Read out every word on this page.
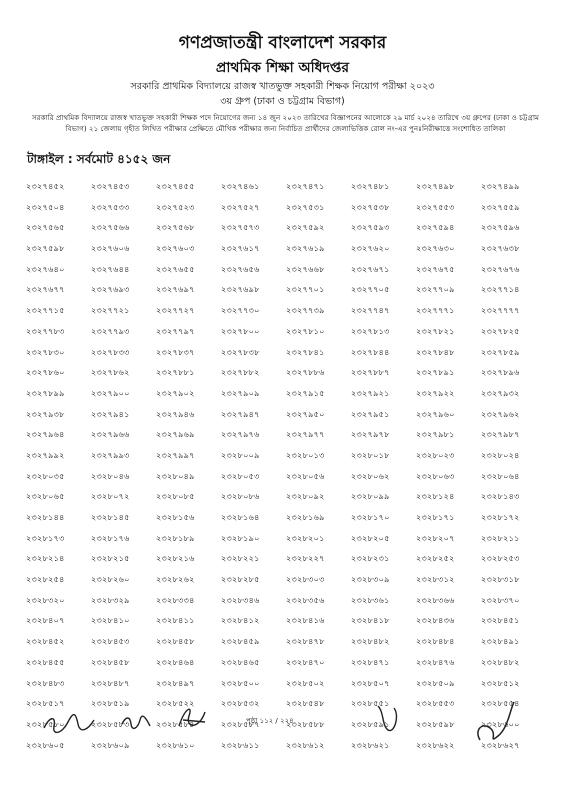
গণপ্রজাতন্ত্রী বাংলাদেশ সরকার
প্রাথমিক শিক্ষা অধিদপ্তর
সরকারি প্রাথমিক বিদ্যালয়ে রাজস্ব খাতভুক্ত সহকারী শিক্ষক নিয়োগ পরীক্ষা ২০২৩
৩য় গ্রুপ (ঢাকা ও চট্টগ্রাম বিভাগ)
সরকারি প্রাথমিক বিদ্যালয়ে রাজস্ব খাতভুক্ত সহকারী শিক্ষক পদে নিয়োগের জন্য ১৪ জুন ২০২৩ তারিখের বিজ্ঞাপনের আলোকে ২৯ মার্চ ২০২৪ তারিখে ৩য় গ্রুপের (ঢাকা ও চট্টগ্রাম বিভাগ) ২১ জেলায় গৃহীত লিখিত পরীক্ষার প্রেক্ষিতে মৌখিক পরীক্ষার জন্য নির্বাচিত প্রার্থীদের জেলাভিত্তিক রোল নং-এর পুনঃনিরীক্ষাত্তে সংশোধিত তালিকা
টাঙ্গাইল : সর্বমোট ৪১৫২ জন
২৩২৭৪৫২	২৩২৭৪৫৩	২৩২৭৪৫৫	২৩২৭৪৬১	২৩২৭৪৭১	২৩২৭৪৮১	২৩২৭৪৯৮	২৩২৭৪৯৯
২৩২৭৫০৪	২৩২৭৫৩৩	২৩২৭৫২৩	২৩২৭৫২৭	২৩২৭৫৩১	২৩২৭৫৩৮	২৩২৭৫৫৩	২৩২৭৫৫৯
২৩২৭৫৬৫	২৩২৭৫৬৬	২৩২৭৫৬৮	২৩২৭৫৭৩	২৩২৭৫৯২	২৩২৭৫৯৩	২৩২৭৫৯৪	২৩২৭৫৯৬
২৩২৭৫৯৮	২৩২৭৬০৬	২৩২৭৬০৩	২৩২৭৬১৭	২৩২৭৬১৯	২৩২৭৬২০	২৩২৭৬৩০	২৩২৭৬৩৮
২৩২৭৬৪০	২৩২৭৬৪৪	২৩২৭৬৫৫	২৩২৭৬৫৬	২৩২৭৬৬৮	২৩২৭৬৭১	২৩২৭৬৭৫	২৩২৭৬৭৬
২৩২৭৬৭৭	২৩২৭৬৯৩	২৩২৭৬৯৭	২৩২৭৬৯৮	২৩২৭৭০১	২৩২৭৭০৫	২৩২৭৭০৯	২৩২৭৭১৪
২৩২৭৭১৫	২৩২৭৭২১	২৩২৭৭২৭	২৩২৭৭৩০	২৩২৭৭৩৯	২৩২৭৭৪৭	২৩২৭৭৭১	২৩২৭৭৭৭
২৩২৭৭৮৩	২৩২৭৭৯৩	২৩২৭৭৯৭	২৩২৭৮০০	২৩২৭৮১০	২৩২৭৮১৩	২৩২৭৮২১	২৩২৭৮২৫
২৩২৭৮৩০	২৩২৭৮৩৩	২৩২৭৮৩৭	২৩২৭৮৩৮	২৩২৭৮৪১	২৩২৭৮৪৪	২৩২৭৮৪৮	২৩২৭৮৫৯
২৩২৭৮৬০	২৩২৭৮৬২	২৩২৭৮৮১	২৩২৭৮৮২	২৩২৭৮৮৬	২৩২৭৮৮৭	২৩২৭৮৯১	২৩২৭৮৯৬
২৩২৭৮৯৯	২৩২৭৯০০	২৩২৭৯০২	২৩২৭৯০৯	২৩২৭৯১৫	২৩২৭৯২১	২৩২৭৯২২	২৩২৭৯৩২
২৩২৭৯৩৮	২৩২৭৯৪১	২৩২৭৯৪৬	২৩২৭৯৪৭	২৩২৭৯৫০	২৩২৭৯৫১	২৩২৭৯৬০	২৩২৭৯৬২
২৩২৭৯৬৪	২৩২৭৯৬৬	২৩২৭৯৬৯	২৩২৭৯৭৬	২৩২৭৯৭৭	২৩২৭৯৭৮	২৩২৭৯৮১	২৩২৭৯৮৭
২৩২৭৯৯২	২৩২৭৯৯৩	২৩২৭৯৯৭	২৩২৮০০৯	২৩২৮০১৩	২৩২৮০১৮	২৩২৮০২৩	২৩২৮০২৪
২৩২৮০৩৫	২৩২৮০৪৬	২৩২৮০৪৯	২৩২৮০৫৩	২৩২৮০৫৬	২৩২৮০৬২	২৩২৮০৬৩	২৩২৮০৬৪
২৩২৮০৬৫	২৩২৮০৭২	২৩২৮০৮৫	২৩২৮০৮৬	২৩২৮০৯২	২৩২৮০৯৯	২৩২৮১২৪	২৩২৮১৪৩
২৩২৮১৪৪	২৩২৮১৪৫	২৩২৮১৫৬	২৩২৮১৬৪	২৩২৮১৬৯	২৩২৮১৭০	২৩২৮১৭১	২৩২৮১৭২
২৩২৮১৭৩	২৩২৮১৭৬	২৩২৮১৮৯	২৩২৮১৯০	২৩২৮২০১	২৩২৮২০৫	২৩২৮২০৭	২৩২৮২১১
২৩২৮২১৪	২৩২৮২১৫	২৩২৮২১৬	২৩২৮২২১	২৩২৮২২৭	২৩২৮২৩১	২৩২৮২৫২	২৩২৮২৫৩
২৩২৮২৫৪	২৩২৮২৬০	২৩২৮২৬২	২৩২৮২৮৫	২৩২৮৩০৩	২৩২৮৩০৯	২৩২৮৩১২	২৩২৮৩১৮
২৩২৮৩২০	২৩২৮৩২৯	২৩২৮৩৩৪	২৩২৮৩৪৬	২৩২৮৩৫৬	২৩২৮৩৬১	২৩২৮৩৬৬	২৩২৮৩৭০
২৩২৮৪০৭	২৩২৮৪১০	২৩২৮৪১১	২৩২৮৪১২	২৩২৮৪১৬	২৩২৮৪১৮	২৩২৮৪৩৬	২৩২৮৪৫১
২৩২৮৪৫২	২৩২৮৪৫৩	২৩২৮৪৫৮	২৩২৮৪৫৯	২৩২৮৪৭৮	২৩২৮৪৮২	২৩২৮৪৮৪	২৩২৮৪৯১
২৩২৮৪৫৫	২৩২৮৪৫৮	২৩২৮৪৬৪	২৩২৮৪৬৫	২৩২৮৪৭০	২৩২৮৪৭১	২৩২৮৪৭৬	২৩২৮৪৮২
২৩২৮৪৮৩	২৩২৮৪৮৭	২৩২৮৪৯৭	২৩২৮৫০০	২৩২৮৫০২	২৩২৮৫০৭	২৩২৮৫০৯	২৩২৮৫১২
২৩২৮৫১৭	২৩২৮৫১৯	২৩২৮৫২২	২৩২৮৫৩২	২৩২৮৫৪৮	২৩২৮৫৫১	২৩২৮৫৫৩	২৩২৮৫৫৪
২৩২৮৫৮০	২৩২৮৫৮৩	২৩২৮৫৮৪	২৩২৮৫৮৭	২৩২৮৫৮৮	২৩২৮৫৯১	২৩২৮৫৯৮	২৩২৮৬০০
২৩২৮৬০৫	২৩২৮৬০৯	২৩২৮৬১০	২৩২৮৬১১	২৩২৮৬১২	২৩২৮৬২১	২৩২৮৬২২	২৩২৮৬২৭
পৃষ্ঠা ১১২ / ২২৪
